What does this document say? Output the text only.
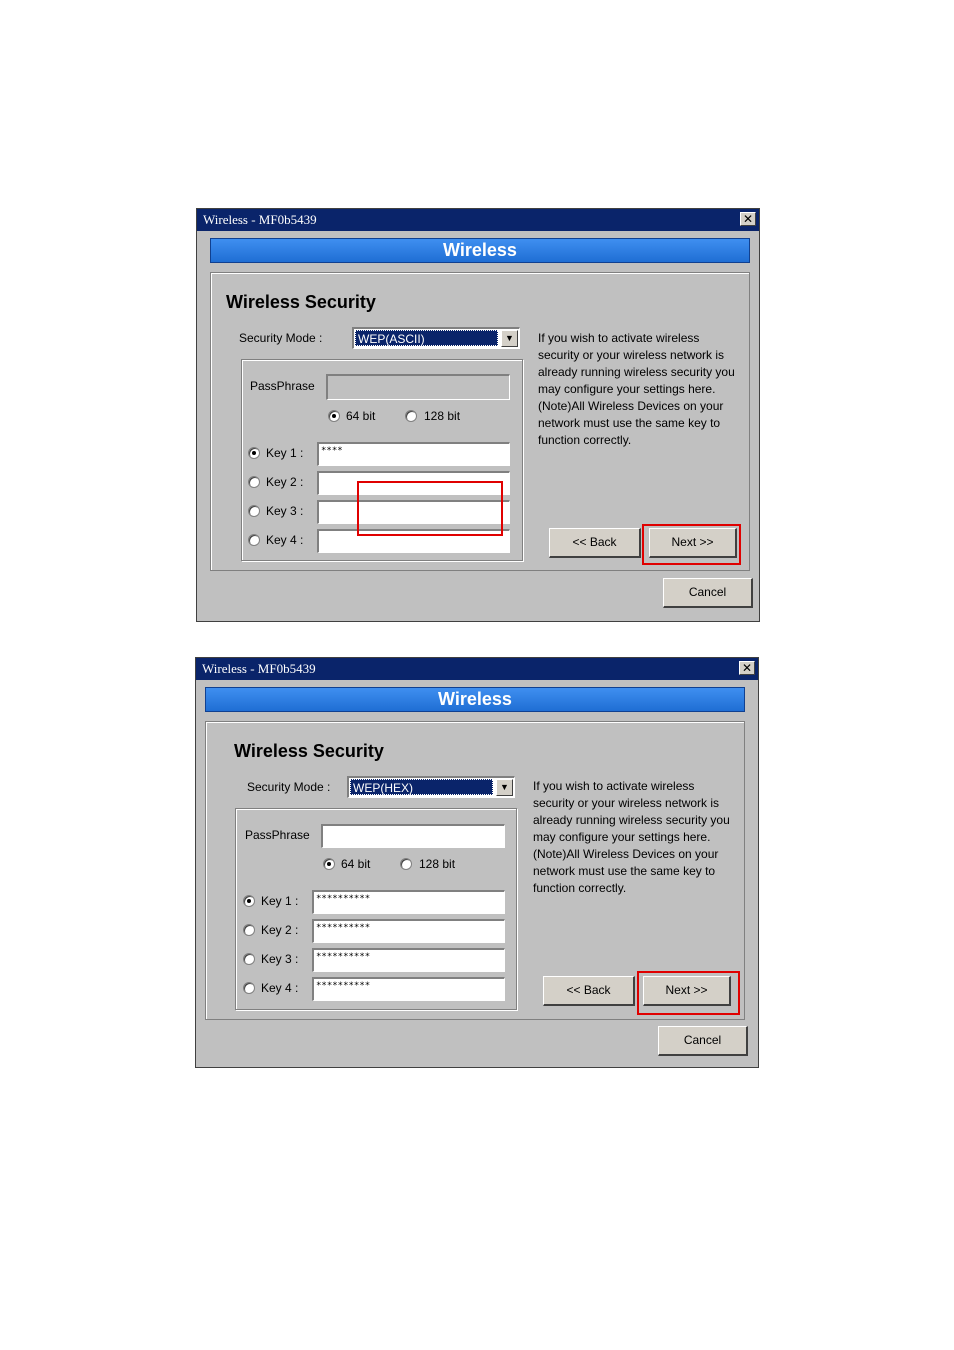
Wireless - MF0b5439	✕
Wireless
Wireless Security
Security Mode :	WEP(ASCII)	▼
PassPhrase
64 bit	128 bit
Key 1 :	****
Key 2 :
Key 3 :
Key 4 :
If you wish to activate wireless security or your wireless network is already running wireless security you may configure your settings here. (Note)All Wireless Devices on your network must use the same key to function correctly.
<< Back	Next >>
Cancel
Wireless - MF0b5439	✕
Wireless
Wireless Security
Security Mode : WEP(HEX)	▼
PassPhrase
64 bit	128 bit
Key 1 :	**********
Key 2 :	**********
Key 3 :	**********
Key 4 :	**********
If you wish to activate wireless security or your wireless network is already running wireless security you may configure your settings here. (Note)All Wireless Devices on your network must use the same key to function correctly.
<< Back	Next >>
Cancel
